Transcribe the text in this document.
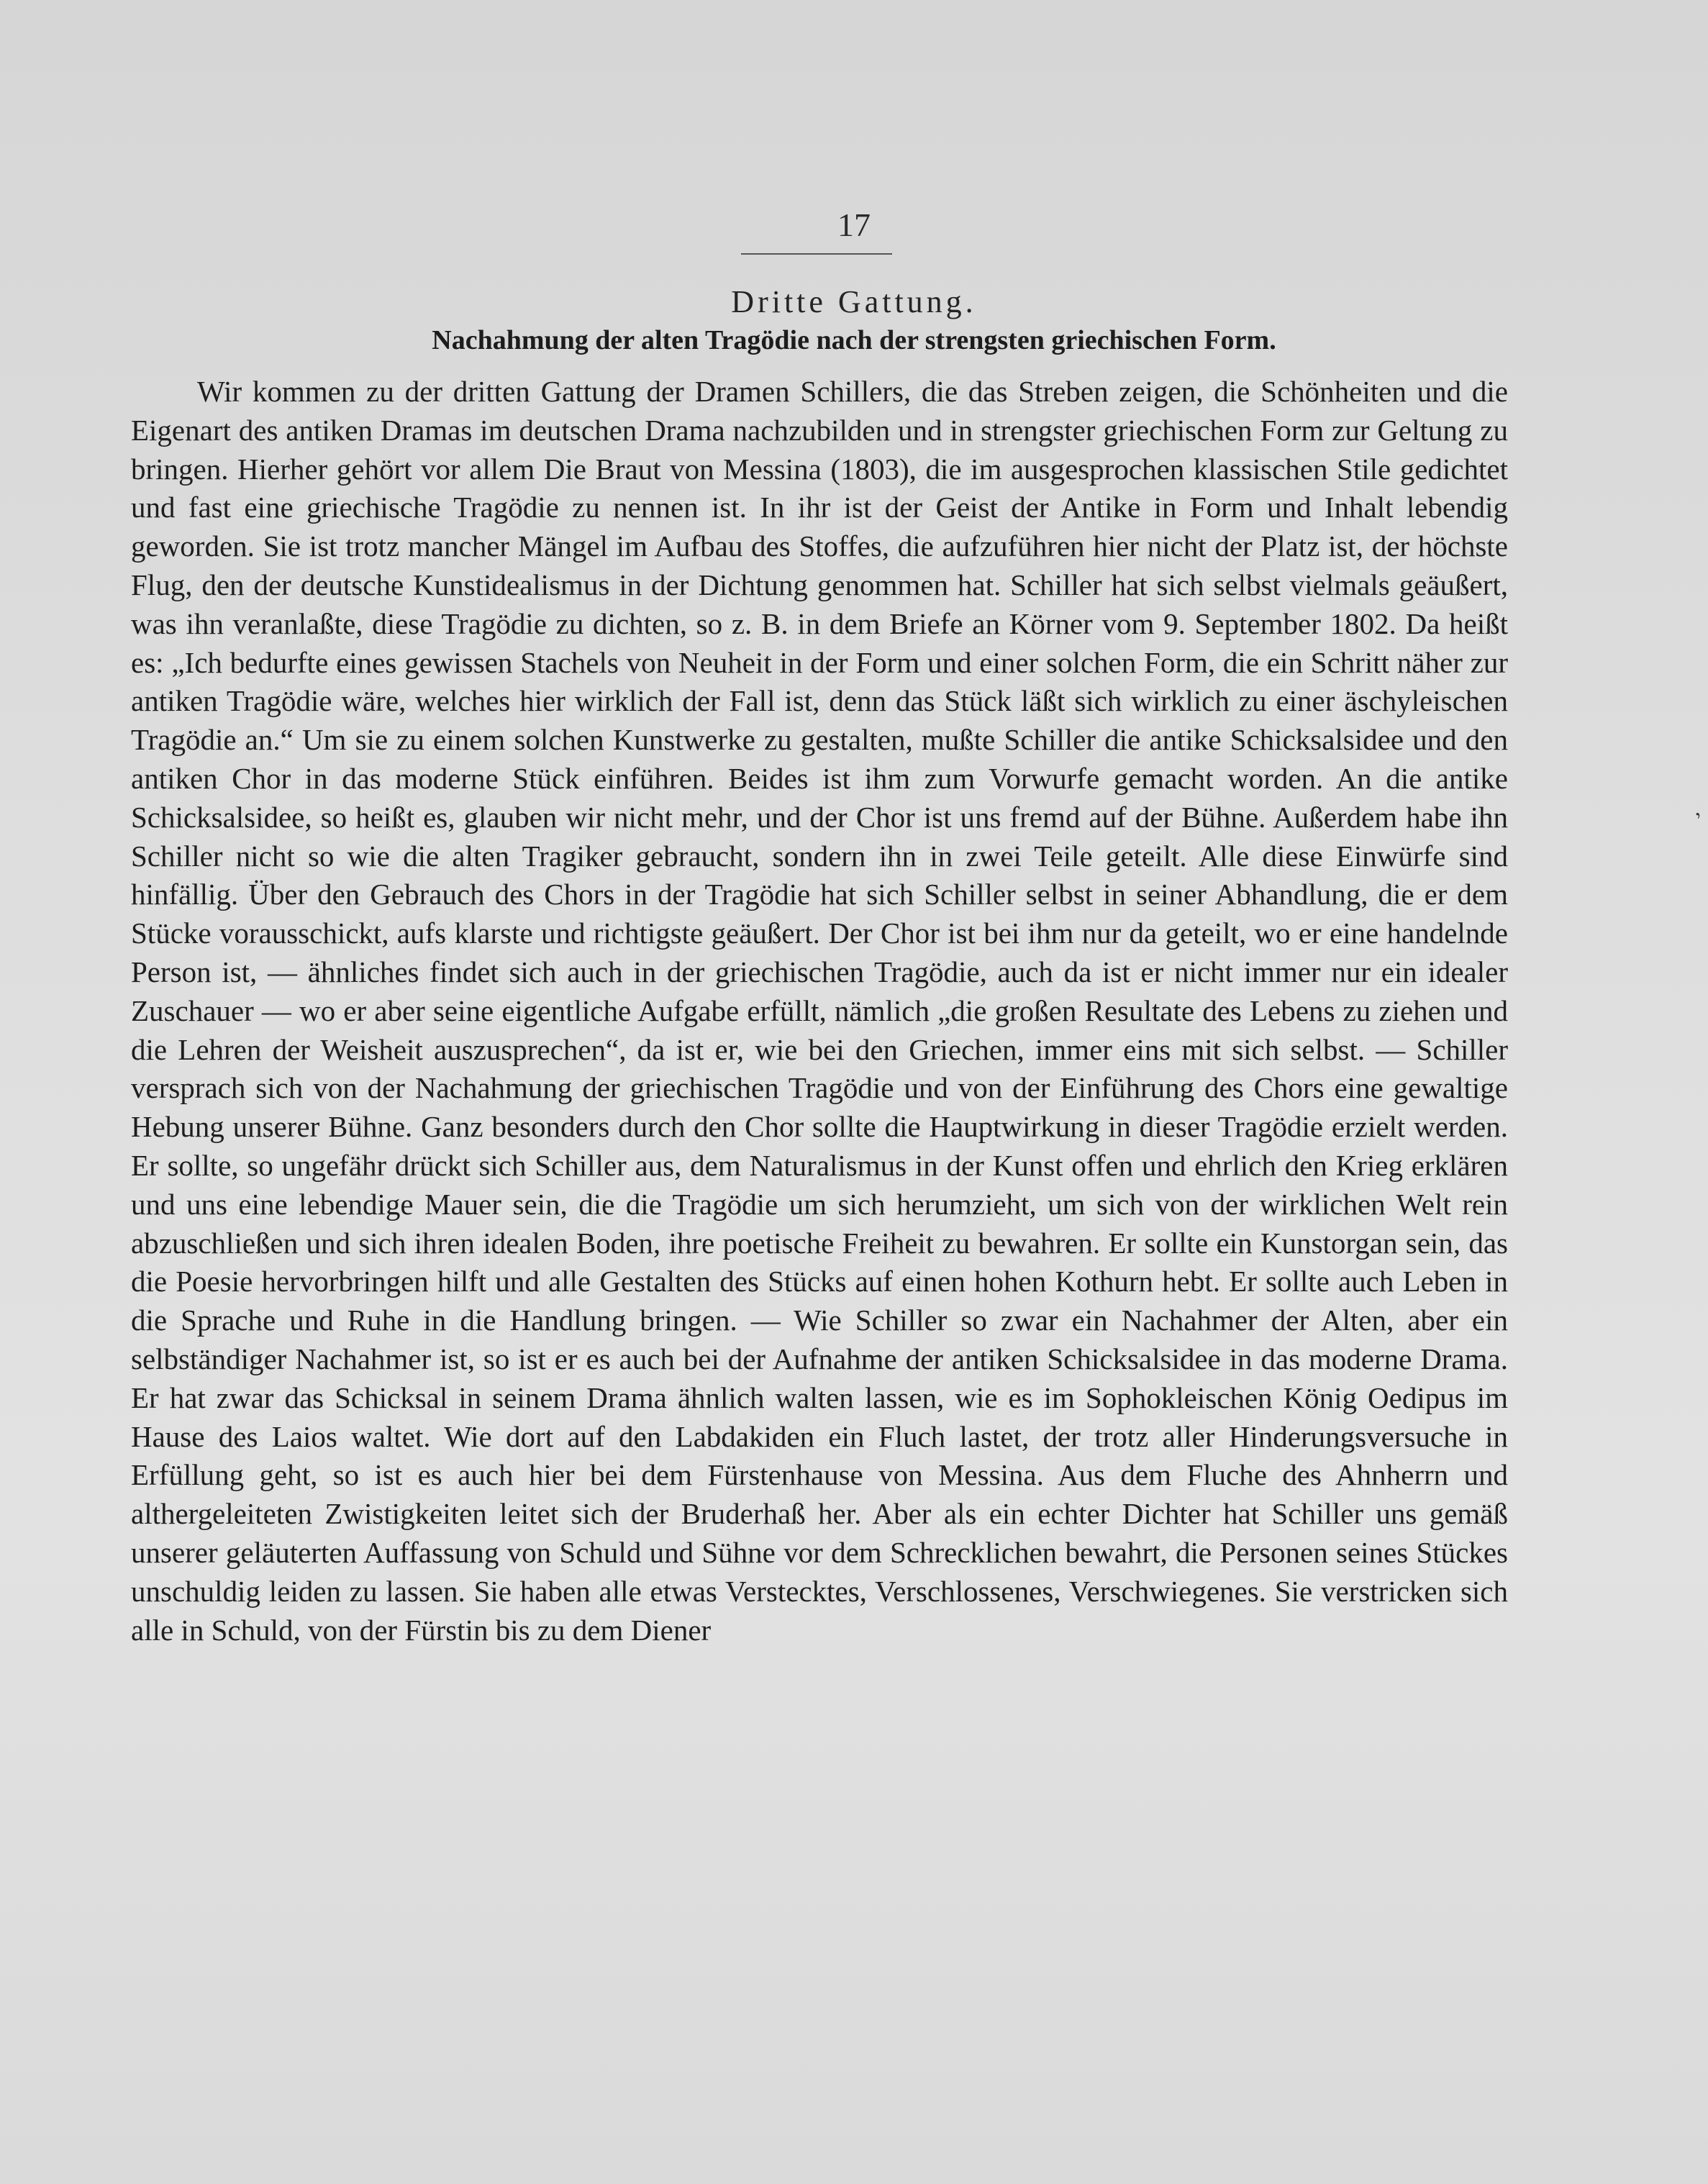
17
Dritte Gattung.
Nachahmung der alten Tragödie nach der strengsten griechischen Form.

Wir kommen zu der dritten Gattung der Dramen Schillers, die das Streben zeigen, die Schönheiten und die Eigenart des antiken Dramas im deutschen Drama nachzubilden und in strengster griechischen Form zur Geltung zu bringen. Hierher gehört vor allem Die Braut von Messina (1803), die im ausgesprochen klassischen Stile gedichtet und fast eine griechische Tragödie zu nennen ist. In ihr ist der Geist der Antike in Form und Inhalt lebendig geworden. Sie ist trotz mancher Mängel im Aufbau des Stoffes, die aufzuführen hier nicht der Platz ist, der höchste Flug, den der deutsche Kunstidealismus in der Dichtung genommen hat. Schiller hat sich selbst vielmals geäußert, was ihn veranlaßte, diese Tragödie zu dichten, so z. B. in dem Briefe an Körner vom 9. September 1802. Da heißt es: „Ich bedurfte eines gewissen Stachels von Neuheit in der Form und einer solchen Form, die ein Schritt näher zur antiken Tragödie wäre, welches hier wirklich der Fall ist, denn das Stück läßt sich wirklich zu einer äschyleischen Tragödie an.“ Um sie zu einem solchen Kunstwerke zu gestalten, mußte Schiller die antike Schicksalsidee und den antiken Chor in das moderne Stück einführen. Beides ist ihm zum Vorwurfe gemacht worden. An die antike Schicksalsidee, so heißt es, glauben wir nicht mehr, und der Chor ist uns fremd auf der Bühne. Außerdem habe ihn Schiller nicht so wie die alten Tragiker gebraucht, sondern ihn in zwei Teile geteilt. Alle diese Einwürfe sind hinfällig. Über den Gebrauch des Chors in der Tragödie hat sich Schiller selbst in seiner Abhandlung, die er dem Stücke vorausschickt, aufs klarste und richtigste geäußert. Der Chor ist bei ihm nur da geteilt, wo er eine handelnde Person ist, — ähnliches findet sich auch in der griechischen Tragödie, auch da ist er nicht immer nur ein idealer Zuschauer — wo er aber seine eigentliche Aufgabe erfüllt, nämlich „die großen Resultate des Lebens zu ziehen und die Lehren der Weisheit auszusprechen“, da ist er, wie bei den Griechen, immer eins mit sich selbst. — Schiller versprach sich von der Nachahmung der griechischen Tragödie und von der Einführung des Chors eine gewaltige Hebung unserer Bühne. Ganz besonders durch den Chor sollte die Hauptwirkung in dieser Tragödie erzielt werden. Er sollte, so ungefähr drückt sich Schiller aus, dem Naturalismus in der Kunst offen und ehrlich den Krieg erklären und uns eine lebendige Mauer sein, die die Tragödie um sich herumzieht, um sich von der wirklichen Welt rein abzuschließen und sich ihren idealen Boden, ihre poetische Freiheit zu bewahren. Er sollte ein Kunstorgan sein, das die Poesie hervorbringen hilft und alle Gestalten des Stücks auf einen hohen Kothurn hebt. Er sollte auch Leben in die Sprache und Ruhe in die Handlung bringen. — Wie Schiller so zwar ein Nachahmer der Alten, aber ein selbständiger Nachahmer ist, so ist er es auch bei der Aufnahme der antiken Schicksalsidee in das moderne Drama. Er hat zwar das Schicksal in seinem Drama ähnlich walten lassen, wie es im Sophokleischen König Oedipus im Hause des Laios waltet. Wie dort auf den Labdakiden ein Fluch lastet, der trotz aller Hinderungsversuche in Erfüllung geht, so ist es auch hier bei dem Fürstenhause von Messina. Aus dem Fluche des Ahnherrn und althergeleiteten Zwistigkeiten leitet sich der Bruderhaß her. Aber als ein echter Dichter hat Schiller uns gemäß unserer geläuterten Auffassung von Schuld und Sühne vor dem Schrecklichen bewahrt, die Personen seines Stückes unschuldig leiden zu lassen. Sie haben alle etwas Verstecktes, Verschlossenes, Verschwiegenes. Sie verstricken sich alle in Schuld, von der Fürstin bis zu dem Diener

,
